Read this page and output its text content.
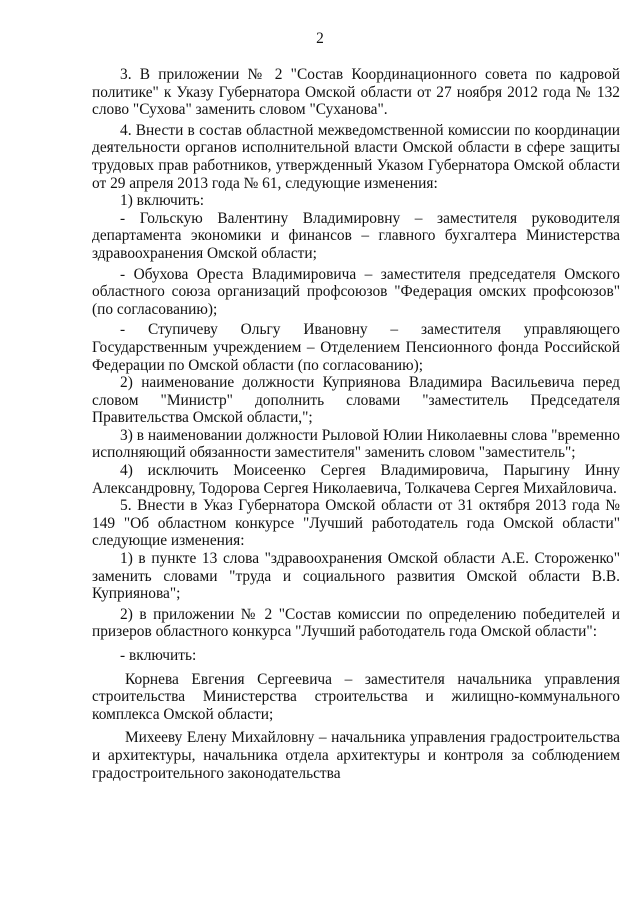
2

3. В приложении № 2 "Состав Координационного совета по кадровой политике" к Указу Губернатора Омской области от 27 ноября 2012 года № 132 слово "Сухова" заменить словом "Суханова".

4. Внести в состав областной межведомственной комиссии по координации деятельности органов исполнительной власти Омской области в сфере защиты трудовых прав работников, утвержденный Указом Губернатора Омской области от 29 апреля 2013 года № 61, следующие изменения:

1) включить:

- Гольскую Валентину Владимировну – заместителя руководителя департамента экономики и финансов – главного бухгалтера Министерства здравоохранения Омской области;

- Обухова Ореста Владимировича – заместителя председателя Омского областного союза организаций профсоюзов "Федерация омских профсоюзов" (по согласованию);

- Ступичеву Ольгу Ивановну – заместителя управляющего Государственным учреждением – Отделением Пенсионного фонда Российской Федерации по Омской области (по согласованию);

2) наименование должности Куприянова Владимира Васильевича перед словом "Министр" дополнить словами "заместитель Председателя Правительства Омской области,";

3) в наименовании должности Рыловой Юлии Николаевны слова "временно исполняющий обязанности заместителя" заменить словом "заместитель";

4) исключить Моисеенко Сергея Владимировича, Парыгину Инну Александровну, Тодорова Сергея Николаевича, Толкачева Сергея Михайловича.

5. Внести в Указ Губернатора Омской области от 31 октября 2013 года № 149 "Об областном конкурсе "Лучший работодатель года Омской области" следующие изменения:

1) в пункте 13 слова "здравоохранения Омской области А.Е. Стороженко" заменить словами "труда и социального развития Омской области В.В. Куприянова";

2) в приложении № 2 "Состав комиссии по определению победителей и призеров областного конкурса "Лучший работодатель года Омской области":

- включить:

Корнева Евгения Сергеевича – заместителя начальника управления строительства Министерства строительства и жилищно-коммунального комплекса Омской области;

Михееву Елену Михайловну – начальника управления градостроительства и архитектуры, начальника отдела архитектуры и контроля за соблюдением градостроительного законодательства
